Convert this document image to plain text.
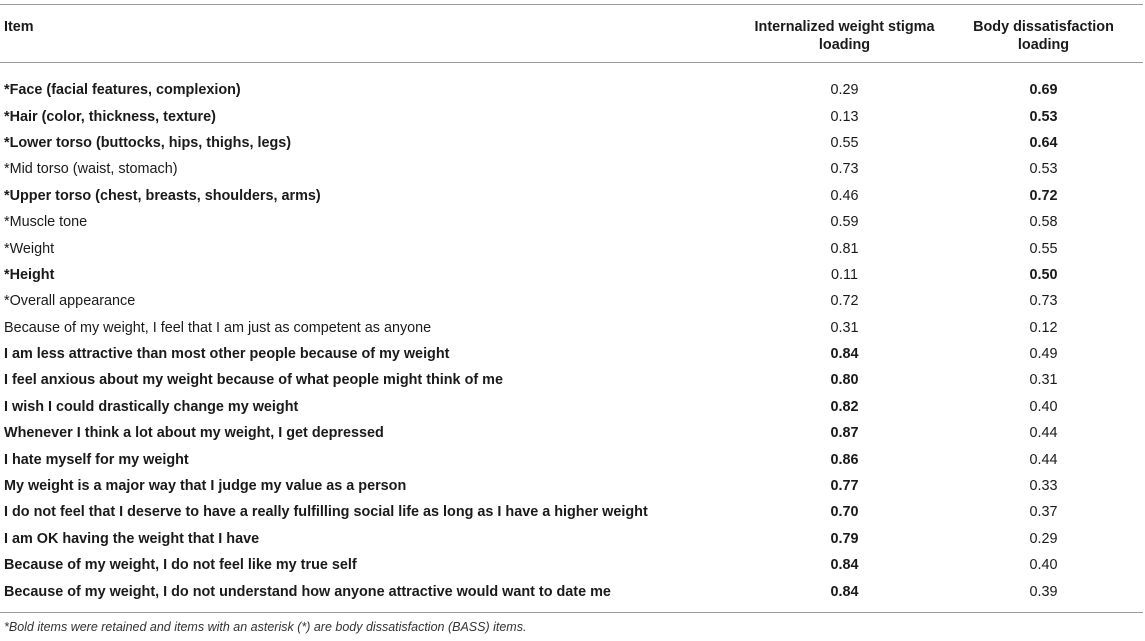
Item	Internalized weight stigma loading	Body dissatisfaction loading

*Face (facial features, complexion)	0.29	0.69
*Hair (color, thickness, texture)	0.13	0.53
*Lower torso (buttocks, hips, thighs, legs)	0.55	0.64
*Mid torso (waist, stomach)	0.73	0.53
*Upper torso (chest, breasts, shoulders, arms)	0.46	0.72
*Muscle tone	0.59	0.58
*Weight	0.81	0.55
*Height	0.11	0.50
*Overall appearance	0.72	0.73
Because of my weight, I feel that I am just as competent as anyone	0.31	0.12
I am less attractive than most other people because of my weight	0.84	0.49
I feel anxious about my weight because of what people might think of me	0.80	0.31
I wish I could drastically change my weight	0.82	0.40
Whenever I think a lot about my weight, I get depressed	0.87	0.44
I hate myself for my weight	0.86	0.44
My weight is a major way that I judge my value as a person	0.77	0.33
I do not feel that I deserve to have a really fulfilling social life as long as I have a higher weight	0.70	0.37
I am OK having the weight that I have	0.79	0.29
Because of my weight, I do not feel like my true self	0.84	0.40
Because of my weight, I do not understand how anyone attractive would want to date me	0.84	0.39
*Bold items were retained and items with an asterisk (*) are body dissatisfaction (BASS) items.
